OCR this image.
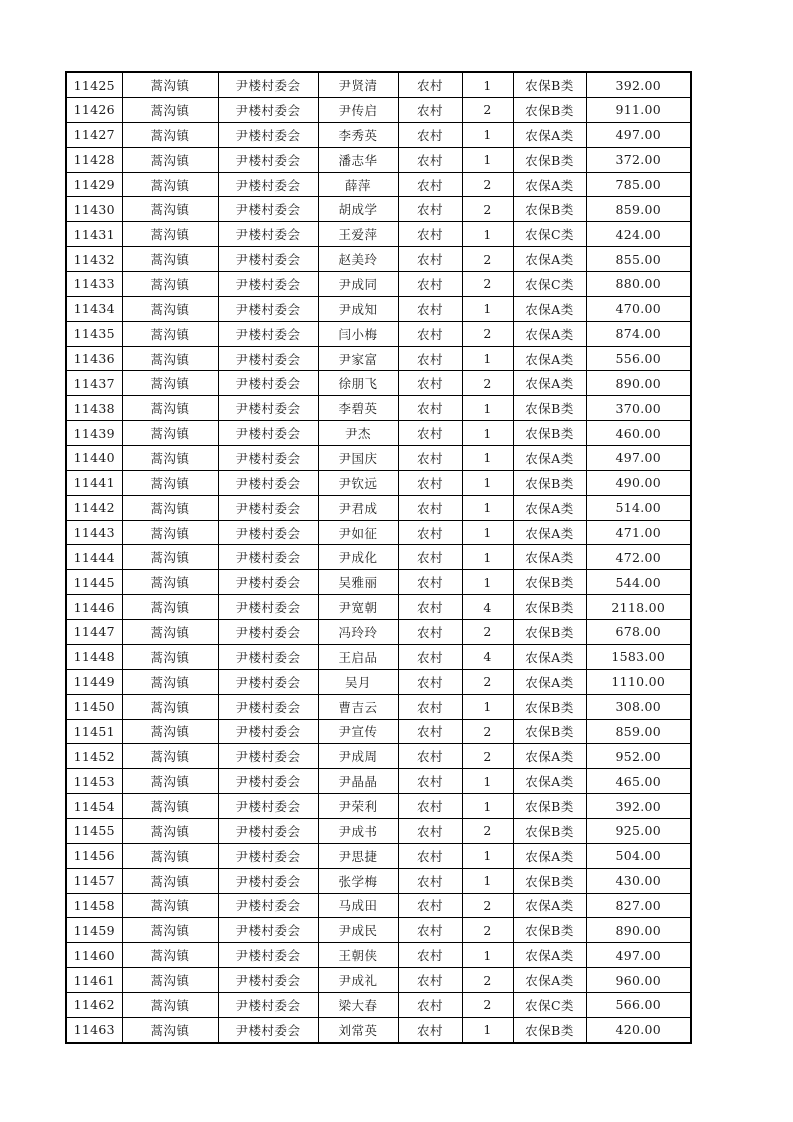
11425	蒿沟镇	尹楼村委会	尹贤清	农村	1	农保B类	392.00
11426	蒿沟镇	尹楼村委会	尹传启	农村	2	农保B类	911.00
11427	蒿沟镇	尹楼村委会	李秀英	农村	1	农保A类	497.00
11428	蒿沟镇	尹楼村委会	潘志华	农村	1	农保B类	372.00
11429	蒿沟镇	尹楼村委会	薛萍	农村	2	农保A类	785.00
11430	蒿沟镇	尹楼村委会	胡成学	农村	2	农保B类	859.00
11431	蒿沟镇	尹楼村委会	王爱萍	农村	1	农保C类	424.00
11432	蒿沟镇	尹楼村委会	赵美玲	农村	2	农保A类	855.00
11433	蒿沟镇	尹楼村委会	尹成同	农村	2	农保C类	880.00
11434	蒿沟镇	尹楼村委会	尹成知	农村	1	农保A类	470.00
11435	蒿沟镇	尹楼村委会	闫小梅	农村	2	农保A类	874.00
11436	蒿沟镇	尹楼村委会	尹家富	农村	1	农保A类	556.00
11437	蒿沟镇	尹楼村委会	徐朋飞	农村	2	农保A类	890.00
11438	蒿沟镇	尹楼村委会	李碧英	农村	1	农保B类	370.00
11439	蒿沟镇	尹楼村委会	尹杰	农村	1	农保B类	460.00
11440	蒿沟镇	尹楼村委会	尹国庆	农村	1	农保A类	497.00
11441	蒿沟镇	尹楼村委会	尹钦远	农村	1	农保B类	490.00
11442	蒿沟镇	尹楼村委会	尹君成	农村	1	农保A类	514.00
11443	蒿沟镇	尹楼村委会	尹如征	农村	1	农保A类	471.00
11444	蒿沟镇	尹楼村委会	尹成化	农村	1	农保A类	472.00
11445	蒿沟镇	尹楼村委会	吴雅丽	农村	1	农保B类	544.00
11446	蒿沟镇	尹楼村委会	尹宽朝	农村	4	农保B类	2118.00
11447	蒿沟镇	尹楼村委会	冯玲玲	农村	2	农保B类	678.00
11448	蒿沟镇	尹楼村委会	王启品	农村	4	农保A类	1583.00
11449	蒿沟镇	尹楼村委会	吴月	农村	2	农保A类	1110.00
11450	蒿沟镇	尹楼村委会	曹吉云	农村	1	农保B类	308.00
11451	蒿沟镇	尹楼村委会	尹宣传	农村	2	农保B类	859.00
11452	蒿沟镇	尹楼村委会	尹成周	农村	2	农保A类	952.00
11453	蒿沟镇	尹楼村委会	尹晶晶	农村	1	农保A类	465.00
11454	蒿沟镇	尹楼村委会	尹荣利	农村	1	农保B类	392.00
11455	蒿沟镇	尹楼村委会	尹成书	农村	2	农保B类	925.00
11456	蒿沟镇	尹楼村委会	尹思捷	农村	1	农保A类	504.00
11457	蒿沟镇	尹楼村委会	张学梅	农村	1	农保B类	430.00
11458	蒿沟镇	尹楼村委会	马成田	农村	2	农保A类	827.00
11459	蒿沟镇	尹楼村委会	尹成民	农村	2	农保B类	890.00
11460	蒿沟镇	尹楼村委会	王朝侠	农村	1	农保A类	497.00
11461	蒿沟镇	尹楼村委会	尹成礼	农村	2	农保A类	960.00
11462	蒿沟镇	尹楼村委会	梁大春	农村	2	农保C类	566.00
11463	蒿沟镇	尹楼村委会	刘常英	农村	1	农保B类	420.00
